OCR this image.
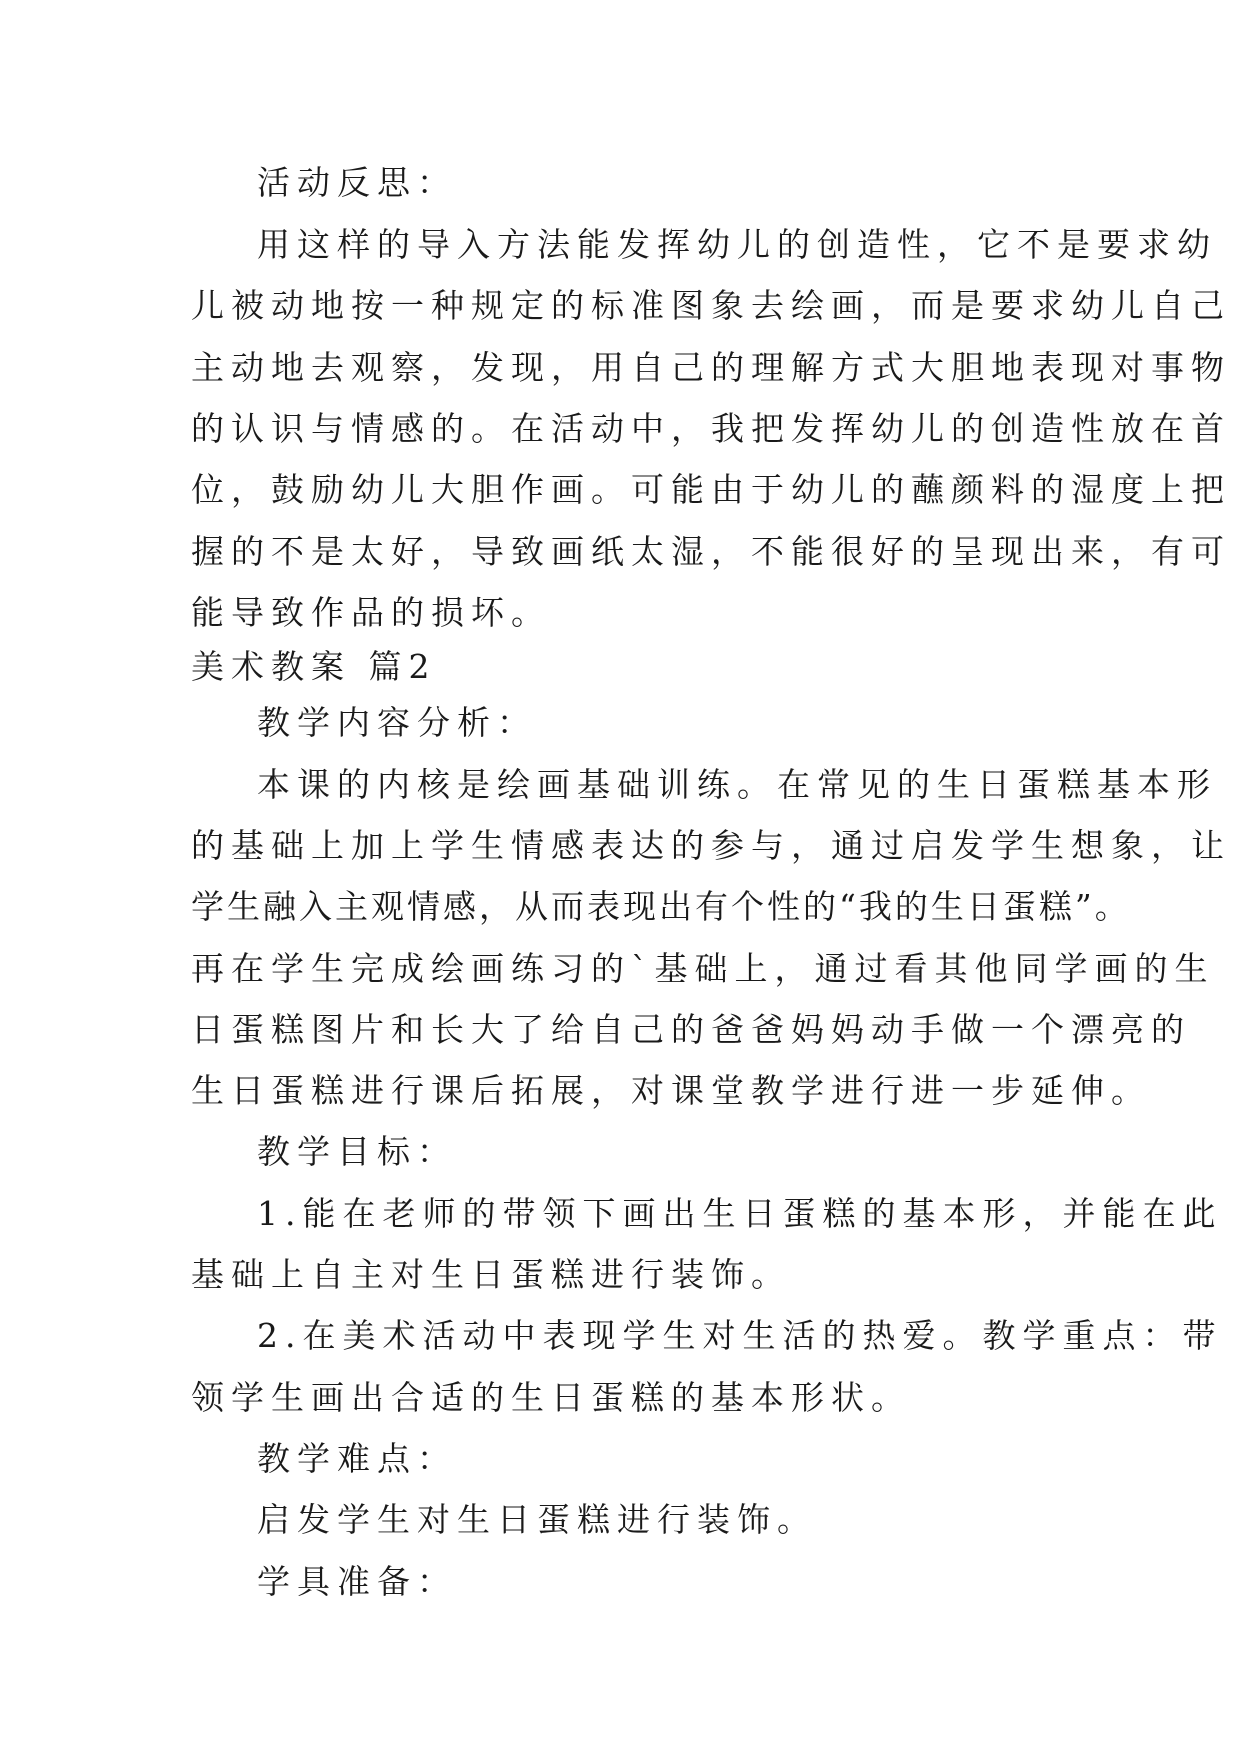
活动反思：
用这样的导入方法能发挥幼儿的创造性，它不是要求幼
儿被动地按一种规定的标准图象去绘画，而是要求幼儿自己
主动地去观察，发现，用自己的理解方式大胆地表现对事物
的认识与情感的。在活动中，我把发挥幼儿的创造性放在首
位，鼓励幼儿大胆作画。可能由于幼儿的蘸颜料的湿度上把
握的不是太好，导致画纸太湿，不能很好的呈现出来，有可
能导致作品的损坏。
美术教案 篇2
教学内容分析：
本课的内核是绘画基础训练。在常见的生日蛋糕基本形
的基础上加上学生情感表达的参与，通过启发学生想象，让
学生融入主观情感，从而表现出有个性的“我的生日蛋糕”。
再在学生完成绘画练习的`基础上，通过看其他同学画的生
日蛋糕图片和长大了给自己的爸爸妈妈动手做一个漂亮的
生日蛋糕进行课后拓展，对课堂教学进行进一步延伸。
教学目标：
1.能在老师的带领下画出生日蛋糕的基本形，并能在此
基础上自主对生日蛋糕进行装饰。
2.在美术活动中表现学生对生活的热爱。教学重点：带
领学生画出合适的生日蛋糕的基本形状。
教学难点：
启发学生对生日蛋糕进行装饰。
学具准备：
